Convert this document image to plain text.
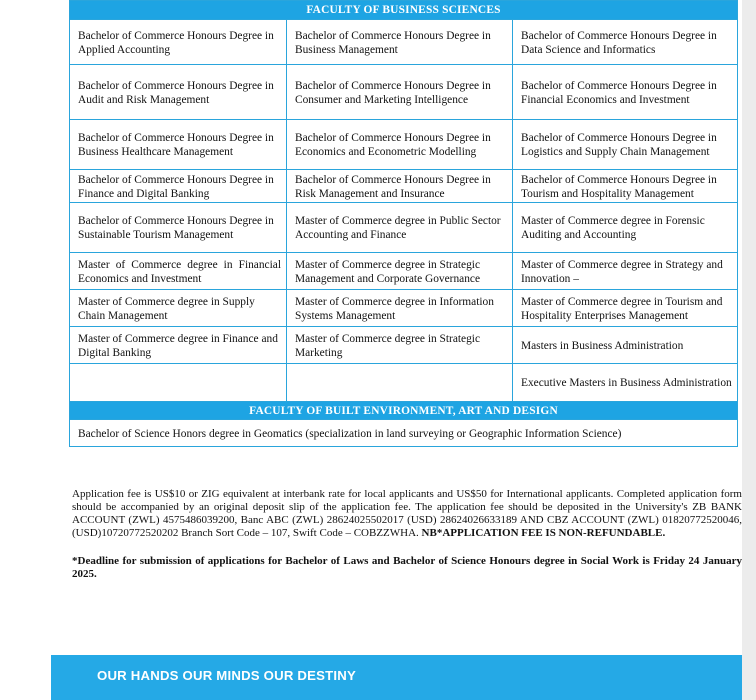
FACULTY OF BUSINESS SCIENCES		
Bachelor of Commerce Honours Degree in Applied Accounting	Bachelor of Commerce Honours Degree in Business Management	Bachelor of Commerce Honours Degree in Data Science and Informatics
Bachelor of Commerce Honours Degree in Audit and Risk Management	Bachelor of Commerce Honours Degree in Consumer and Marketing Intelligence	Bachelor of Commerce Honours Degree in Financial Economics and Investment
Bachelor of Commerce Honours Degree in Business Healthcare Management	Bachelor of Commerce Honours Degree in Economics and Econometric Modelling	Bachelor of Commerce Honours Degree in Logistics and Supply Chain Management
Bachelor of Commerce Honours Degree in Finance and Digital Banking	Bachelor of Commerce Honours Degree in Risk Management and Insurance	Bachelor of Commerce Honours Degree in Tourism and Hospitality Management
Bachelor of Commerce Honours Degree in Sustainable Tourism Management	Master of Commerce degree in Public Sector Accounting and Finance	Master of Commerce degree in Forensic Auditing and Accounting
Master of Commerce degree in Financial Economics and Investment	Master of Commerce degree in Strategic Management and Corporate Governance	Master of Commerce degree in Strategy and Innovation –
Master of Commerce degree in Supply Chain Management	Master of Commerce degree in Information Systems Management	Master of Commerce degree in Tourism and Hospitality Enterprises Management
Master of Commerce degree in Finance and Digital Banking	Master of Commerce degree in Strategic Marketing	Masters in Business Administration
		Executive Masters in Business Administration
FACULTY OF BUILT ENVIRONMENT, ART AND DESIGN		
Bachelor of Science Honors degree in Geomatics (specialization in land surveying or Geographic Information Science)		

Application fee is US$10 or ZIG equivalent at interbank rate for local applicants and US$50 for International applicants. Completed application form should be accompanied by an original deposit slip of the application fee. The application fee should be deposited in the University's ZB BANK ACCOUNT (ZWL) 4575486039200, Banc ABC (ZWL) 28624025502017 (USD) 28624026633189 AND CBZ ACCOUNT (ZWL) 01820772520046, (USD)10720772520202 Branch Sort Code – 107, Swift Code – COBZZWHA. NB*APPLICATION FEE IS NON-REFUNDABLE.

*Deadline for submission of applications for Bachelor of Laws and Bachelor of Science Honours degree in Social Work is Friday 24 January 2025.

OUR HANDS OUR MINDS OUR DESTINY
